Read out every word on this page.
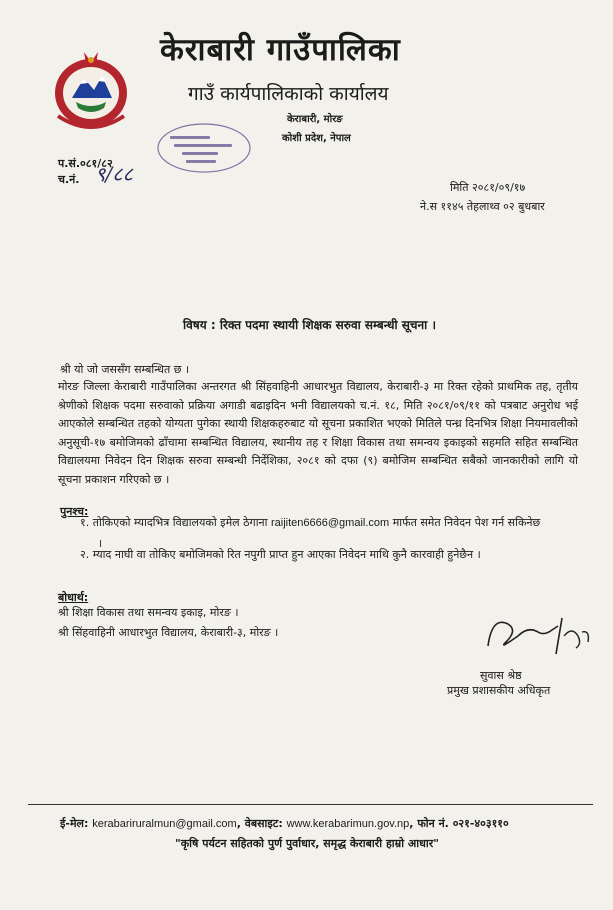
केराबारी गाउँपालिका
गाउँ कार्यपालिकाको कार्यालय
केराबारी, मोरङ
कोशी प्रदेश, नेपाल
प.सं.०८१/८२
च.नं. ९/८८
मिति २०८१/०९/१७
ने.स ११४५ तेहलाथ्व ०२ बुधबार
विषय : रिक्त पदमा स्थायी शिक्षक सरुवा सम्बन्धी सूचना ।
श्री यो जो जससँग सम्बन्धित छ ।
मोरङ जिल्ला केराबारी गाउँपालिका अन्तरगत श्री सिंहवाहिनी आधारभुत विद्यालय, केराबारी-३ मा रिक्त रहेको प्राथमिक तह, तृतीय श्रेणीको शिक्षक पदमा सरुवाको प्रक्रिया अगाडी बढाइदिन भनी विद्यालयको च.नं. १८, मिति २०८१/०९/११ को पत्रबाट अनुरोध भई आएकोले सम्बन्धित तहको योग्यता पुगेका स्थायी शिक्षकहरुबाट यो सूचना प्रकाशित भएको मितिले पन्ध्र दिनभित्र शिक्षा नियमावलीको अनुसूची-१७ बमोजिमको ढाँचामा सम्बन्धित विद्यालय, स्थानीय तह र शिक्षा विकास तथा समन्वय इकाइको सहमति सहित सम्बन्धित विद्यालयमा निवेदन दिन शिक्षक सरुवा सम्बन्धी निर्देशिका, २०८१ को दफा (९) बमोजिम सम्बन्धित सबैको जानकारीको लागि यो सूचना प्रकाशन गरिएको छ ।
पुनश्च:
१. तोकिएको म्यादभित्र विद्यालयको इमेल ठेगाना raijiten6666@gmail.com मार्फत समेत निवेदन पेश गर्न सकिनेछ
।
२. म्याद नाघी वा तोकिए बमोजिमको रित नपुगी प्राप्त हुन आएका निवेदन माथि कुनै कारवाही हुनेछैन ।
बोधार्थ:
श्री शिक्षा विकास तथा समन्वय इकाइ, मोरङ ।
श्री सिंहवाहिनी आधारभुत विद्यालय, केराबारी-३, मोरङ ।
सुवास श्रेष्ठ
प्रमुख प्रशासकीय अधिकृत
ई-मेल: kerabariruralmun@gmail.com, वेबसाइट: www.kerabarimun.gov.np, फोन नं. ०२१-४०३११०
"कृषि पर्यटन सहितको पुर्ण पुर्वाधार, समृद्ध केराबारी हाम्रो आधार"
